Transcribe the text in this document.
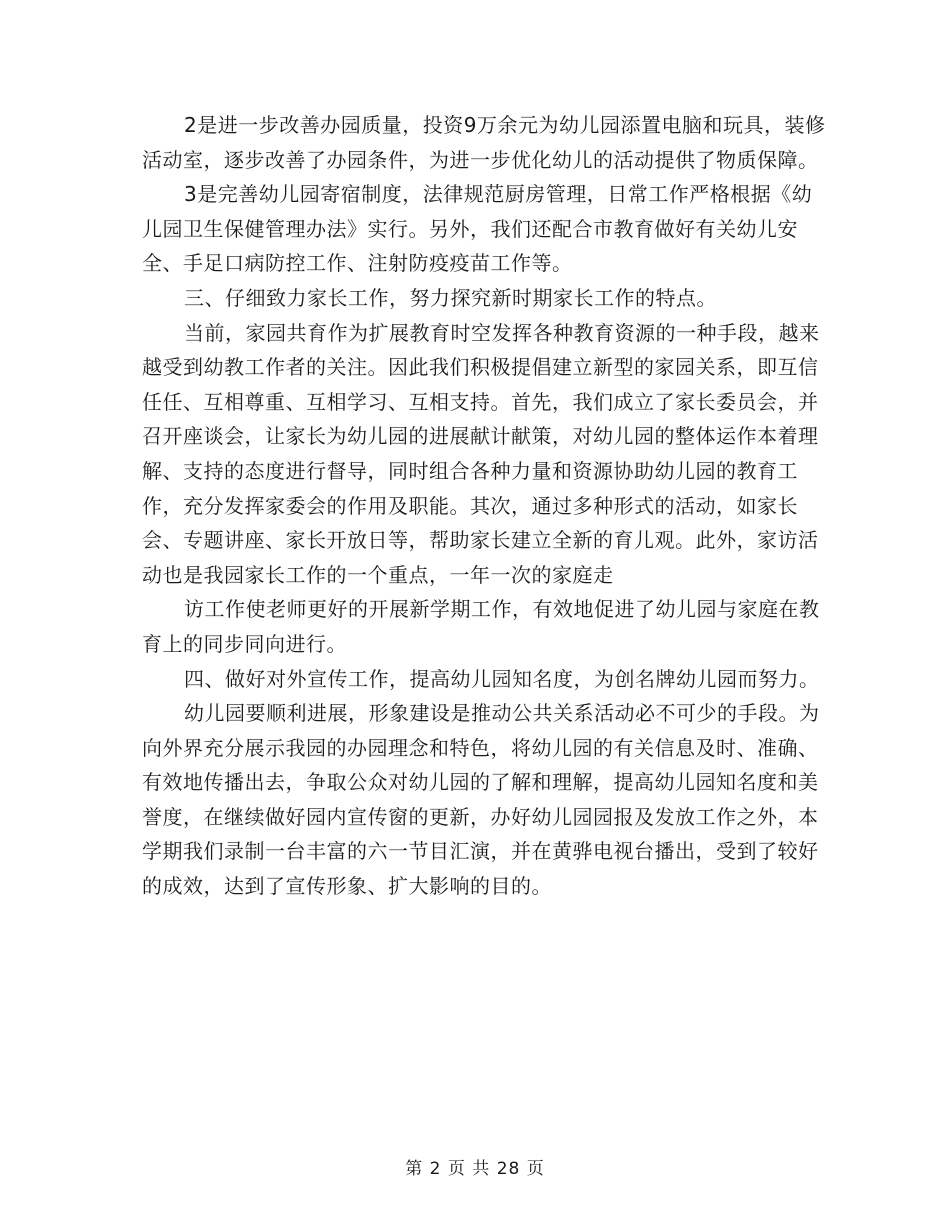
2是进一步改善办园质量，投资9万余元为幼儿园添置电脑和玩具，装修活动室，逐步改善了办园条件，为进一步优化幼儿的活动提供了物质保障。

3是完善幼儿园寄宿制度，法律规范厨房管理，日常工作严格根据《幼儿园卫生保健管理办法》实行。另外，我们还配合市教育做好有关幼儿安全、手足口病防控工作、注射防疫疫苗工作等。

三、仔细致力家长工作，努力探究新时期家长工作的特点。

当前，家园共育作为扩展教育时空发挥各种教育资源的一种手段，越来越受到幼教工作者的关注。因此我们积极提倡建立新型的家园关系，即互信任任、互相尊重、互相学习、互相支持。首先，我们成立了家长委员会，并召开座谈会，让家长为幼儿园的进展献计献策，对幼儿园的整体运作本着理解、支持的态度进行督导，同时组合各种力量和资源协助幼儿园的教育工作，充分发挥家委会的作用及职能。其次，通过多种形式的活动，如家长会、专题讲座、家长开放日等，帮助家长建立全新的育儿观。此外，家访活动也是我园家长工作的一个重点，一年一次的家庭走

访工作使老师更好的开展新学期工作，有效地促进了幼儿园与家庭在教育上的同步同向进行。

四、做好对外宣传工作，提高幼儿园知名度，为创名牌幼儿园而努力。

幼儿园要顺利进展，形象建设是推动公共关系活动必不可少的手段。为向外界充分展示我园的办园理念和特色，将幼儿园的有关信息及时、准确、有效地传播出去，争取公众对幼儿园的了解和理解，提高幼儿园知名度和美誉度，在继续做好园内宣传窗的更新，办好幼儿园园报及发放工作之外，本学期我们录制一台丰富的六一节目汇演，并在黄骅电视台播出，受到了较好的成效，达到了宣传形象、扩大影响的目的。

第 2 页 共 28 页
